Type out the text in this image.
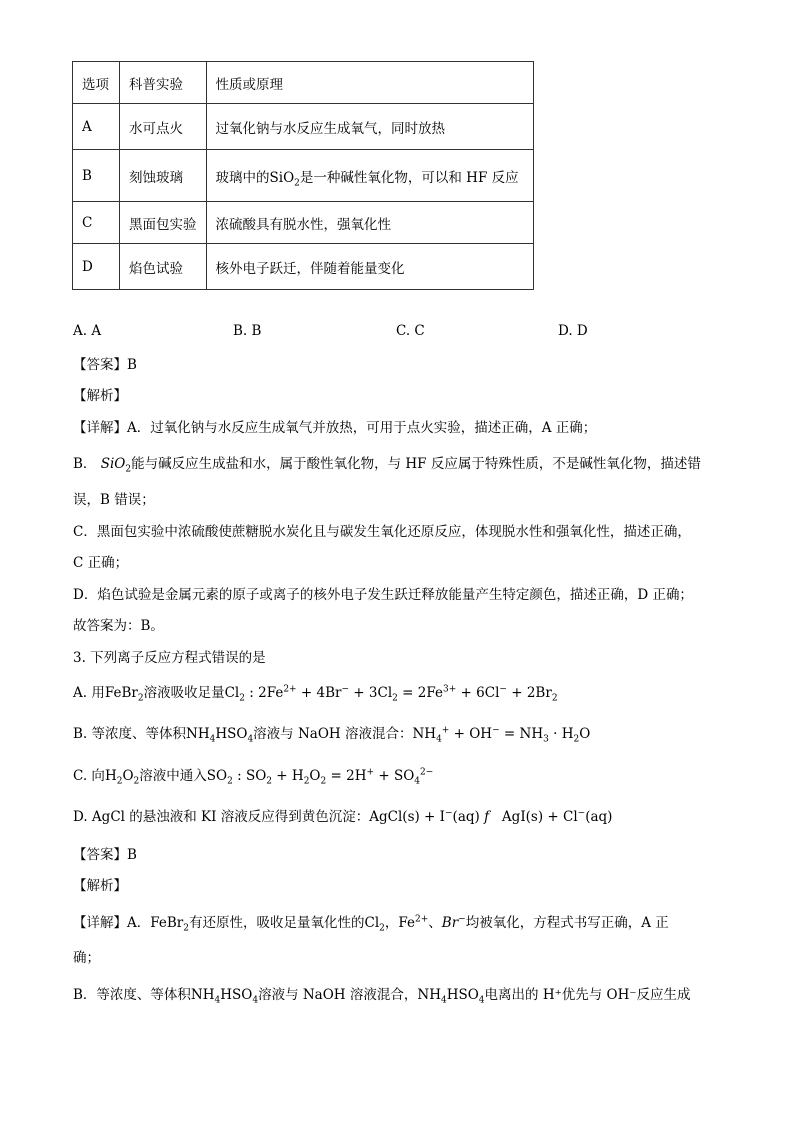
选项	科普实验	性质或原理
A	水可点火	过氧化钠与水反应生成氧气，同时放热
B	刻蚀玻璃	玻璃中的SiO$_2$是一种碱性氧化物，可以和 HF 反应
C	黑面包实验	浓硫酸具有脱水性，强氧化性
D	焰色试验	核外电子跃迁，伴随着能量变化
A. A	B. B	C. C	D. D
【答案】B
【解析】
【详解】A．过氧化钠与水反应生成氧气并放热，可用于点火实验，描述正确，A 正确；
B． SiO$_2$能与碱反应生成盐和水，属于酸性氧化物，与 HF 反应属于特殊性质，不是碱性氧化物，描述错
误，B 错误；
C．黑面包实验中浓硫酸使蔗糖脱水炭化且与碳发生氧化还原反应，体现脱水性和强氧化性，描述正确，
C 正确；
D．焰色试验是金属元素的原子或离子的核外电子发生跃迁释放能量产生特定颜色，描述正确，D 正确；
故答案为：B。
3. 下列离子反应方程式错误的是
A. 用FeBr$_2$溶液吸收足量$Cl_2$ : $2Fe^{2+} + 4Br^- + 3Cl_2 = 2Fe^{3+} + 6Cl^- + 2Br_2$
B. 等浓度、等体积$NH_4HSO_4$溶液与 NaOH 溶液混合：$NH_4^+ + OH^- = NH_3 \cdot H_2O$
C. 向$H_2O_2$溶液中通入$SO_2$ : $SO_2 + H_2O_2 = 2H^+ + SO_4^{2-}$
D. AgCl 的悬浊液和 KI 溶液反应得到黄色沉淀：AgCl(s) + I−(aq) f   AgI(s) + Cl−(aq)
【答案】B
【解析】
【详解】A．FeBr$_2$有还原性，吸收足量氧化性的$Cl_2$，$Fe^{2+}$、Br−均被氧化，方程式书写正确，A 正
确；
B．等浓度、等体积$NH_4HSO_4$溶液与 NaOH 溶液混合，$NH_4HSO_4$电离出的 H⁺优先与 OH⁻反应生成
